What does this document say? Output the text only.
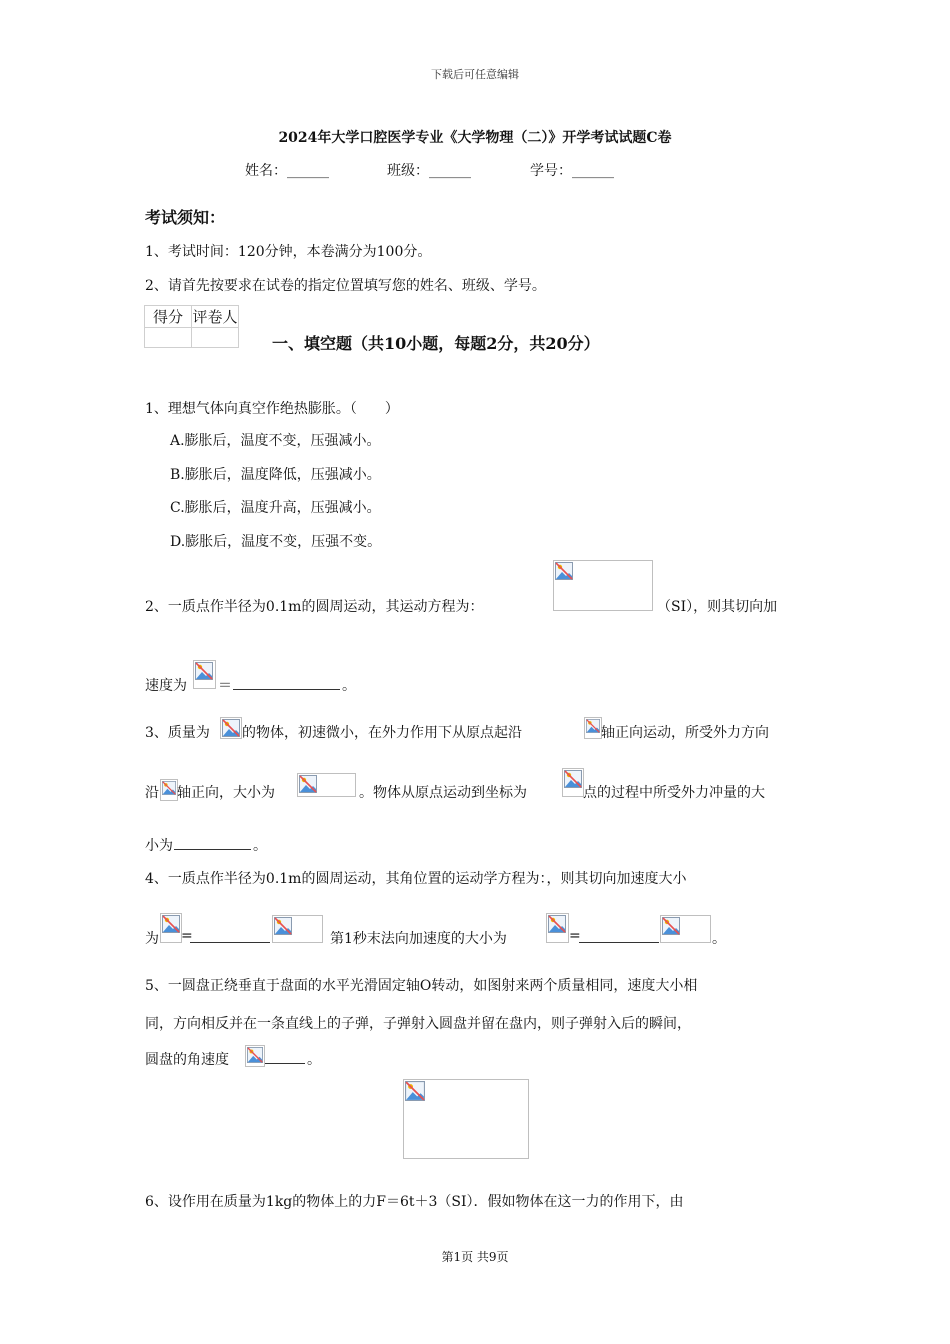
下载后可任意编辑
2024年大学口腔医学专业《大学物理（二）》开学考试试题C卷
姓名：______	班级：______	学号：______
考试须知：
1、考试时间：120分钟，本卷满分为100分。
2、请首先按要求在试卷的指定位置填写您的姓名、班级、学号。
得分	评卷人

一、填空题（共10小题，每题2分，共20分）
1、理想气体向真空作绝热膨胀。（　　）
A.膨胀后，温度不变，压强减小。
B.膨胀后，温度降低，压强减小。
C.膨胀后，温度升高，压强减小。
D.膨胀后，温度不变，压强不变。
2、一质点作半径为0.1m的圆周运动，其运动方程为：	（SI），则其切向加
速度为 ＝	。
3、质量为 的物体，初速微小，在外力作用下从原点起沿	轴正向运动，所受外力方向
沿 轴正向，大小为	。物体从原点运动到坐标为	点的过程中所受外力冲量的大
小为	。
4、一质点作半径为0.1m的圆周运动，其角位置的运动学方程为：，则其切向加速度大小
为 =	第1秒末法向加速度的大小为	=	。
5、一圆盘正绕垂直于盘面的水平光滑固定轴O转动，如图射来两个质量相同，速度大小相
同，方向相反并在一条直线上的子弹，子弹射入圆盘并留在盘内，则子弹射入后的瞬间，
圆盘的角速度	。
6、设作用在质量为1kg的物体上的力F＝6t＋3（SI）．假如物体在这一力的作用下，由
第1页 共9页
